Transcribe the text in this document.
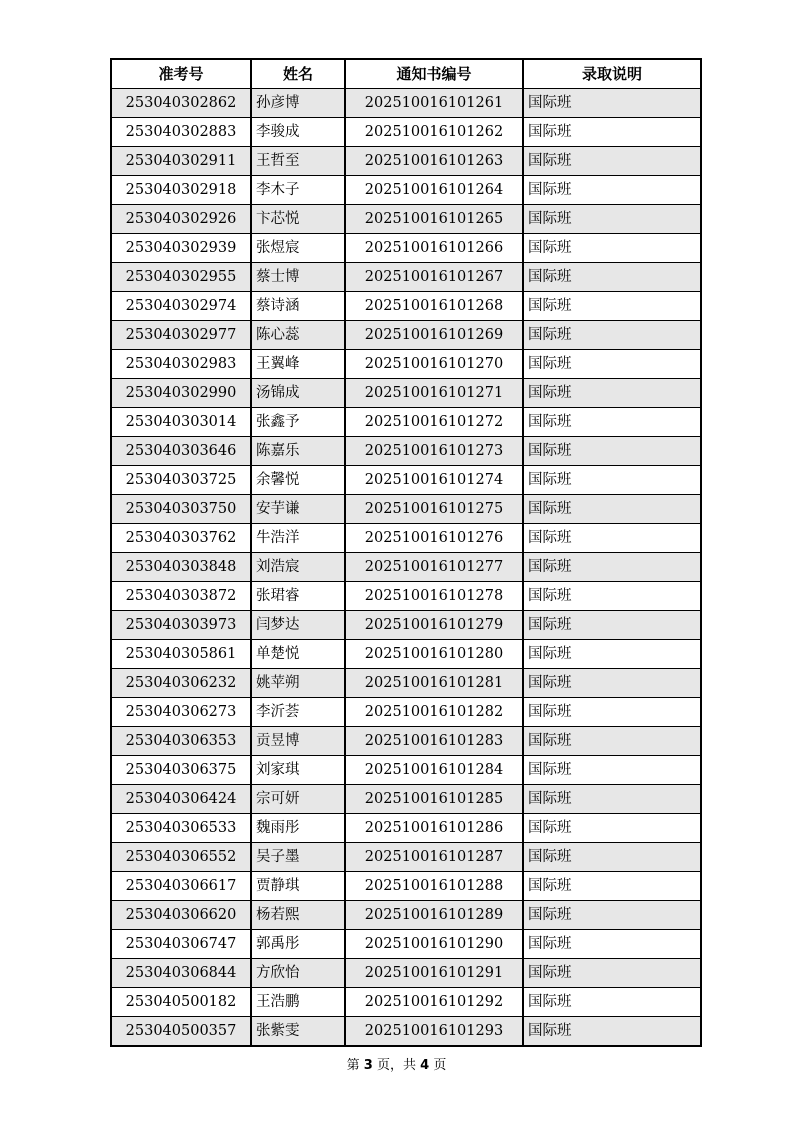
准考号	姓名	通知书编号	录取说明
253040302862	孙彦博	202510016101261	国际班
253040302883	李骏成	202510016101262	国际班
253040302911	王哲至	202510016101263	国际班
253040302918	李木子	202510016101264	国际班
253040302926	卞芯悦	202510016101265	国际班
253040302939	张煜宸	202510016101266	国际班
253040302955	蔡士博	202510016101267	国际班
253040302974	蔡诗涵	202510016101268	国际班
253040302977	陈心蕊	202510016101269	国际班
253040302983	王翼峰	202510016101270	国际班
253040302990	汤锦成	202510016101271	国际班
253040303014	张鑫予	202510016101272	国际班
253040303646	陈嘉乐	202510016101273	国际班
253040303725	余馨悦	202510016101274	国际班
253040303750	安芋谦	202510016101275	国际班
253040303762	牛浩洋	202510016101276	国际班
253040303848	刘浩宸	202510016101277	国际班
253040303872	张珺睿	202510016101278	国际班
253040303973	闫梦达	202510016101279	国际班
253040305861	单楚悦	202510016101280	国际班
253040306232	姚苹朔	202510016101281	国际班
253040306273	李沂荟	202510016101282	国际班
253040306353	贡昱博	202510016101283	国际班
253040306375	刘家琪	202510016101284	国际班
253040306424	宗可妍	202510016101285	国际班
253040306533	魏雨彤	202510016101286	国际班
253040306552	吴子墨	202510016101287	国际班
253040306617	贾静琪	202510016101288	国际班
253040306620	杨若熙	202510016101289	国际班
253040306747	郭禹彤	202510016101290	国际班
253040306844	方欣怡	202510016101291	国际班
253040500182	王浩鹏	202510016101292	国际班
253040500357	张紫雯	202510016101293	国际班
第 3 页，共 4 页
